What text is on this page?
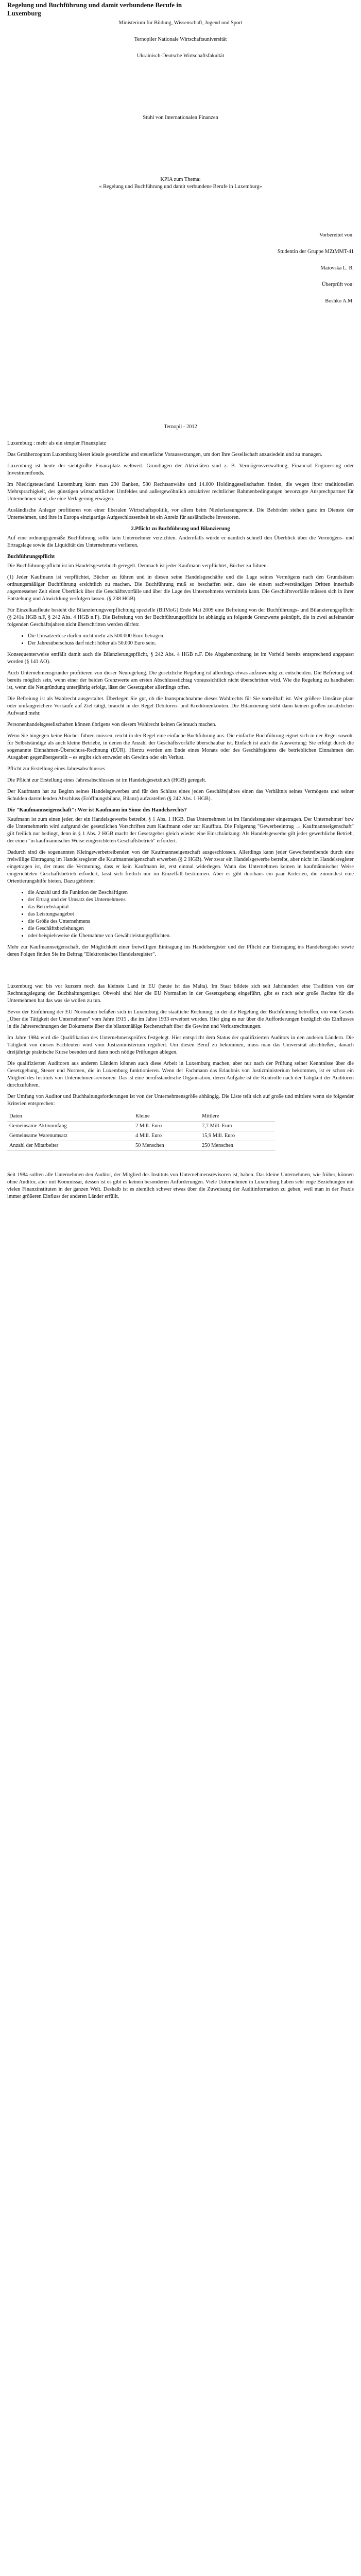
Regelung und Buchführung und damit verbundene Berufe in Luxemburg
Ministerium für Bildung, Wissenschaft, Jugend und Sport
Ternopiler Nationale Wirtschaftsuniversität
Ukrainisch-Deutsche Wirtschaftsfakultät
Stuhl von Internationalen Finanzen
KPIA zum Thema:
« Regelung und Buchführung und damit verbundene Berufe in Luxemburg»
Vorbereitet von:
Studentin der Gruppe MZtMMT-41
Maiovska L. R.
Überprüft von:
Boshko A.M.
Ternopil - 2012
Luxemburg : mehr als ein simpler Finanzplatz
Das Großherzogtum Luxemburg bietet ideale gesetzliche und steuerliche Voraussetzungen, um dort Ihre Gesellschaft anzusiedeln und zu managen.
Luxemburg ist heute der siebtgrößte Finanzplatz weltweit. Grundlagen der Aktivitäten sind z. B. Vermögensverwaltung, Financial Engineering oder Investmentfonds.
Im Niedrigsteuerland Luxemburg kann man 230 Banken, 580 Rechtsanwälte und 14.000 Holdinggesellschaften finden, die wegen ihrer traditionellen Mehrsprachigkeit, des günstigen wirtschaftlichen Umfeldes und außergewöhnlich attraktiver rechtlicher Rahmenbedingungen bevorzugte Ansprechpartner für Unternehmen sind, die eine Verlagerung erwägen.
Ausländische Anleger profitieren von einer liberalen Wirtschaftspolitik, vor allem beim Niederlassungsrecht. Die Behörden stehen ganz im Dienste der Unternehmen, und ihre in Europa einzigartige Aufgeschlossenheit ist ein Anreiz für ausländische Investoren.
2.Pflicht zu Buchführung und Bilanzierung
Auf eine ordnungsgemäße Buchführung sollte kein Unternehmer verzichten. Andernfalls würde er nämlich schnell den Überblick über die Vermögens- und Ertragslage sowie die Liquidität des Unternehmens verlieren.
Buchführungspflicht
Die Buchführungspflicht ist im Handelsgesetzbuch geregelt. Demnach ist jeder Kaufmann verpflichtet, Bücher zu führen.
(1) Jeder Kaufmann ist verpflichtet, Bücher zu führen und in diesen seine Handelsgeschäfte und die Lage seines Vermögens nach den Grundsätzen ordnungsmäßiger Buchführung ersichtlich zu machen. Die Buchführung muß so beschaffen sein, dass sie einem sachverständigen Dritten innerhalb angemessener Zeit einen Überblick über die Geschäftsvorfälle und über die Lage des Unternehmens vermitteln kann. Die Geschäftsvorfälle müssen sich in ihrer Entstehung und Abwicklung verfolgen lassen. (§ 238 HGB)
Für Einzelkaufleute besteht die Bilanzierungsverpflichtung spezielle (BilMoG) Ende Mai 2009 eine Befreiung von der Buchführungs- und Bilanzierungspflicht (§ 241a HGB n.F, § 242 Abs. 4 HGB n.F). Die Befreiung von der Buchführungspflicht ist abhängig an folgende Grenzwerte geknüpft, die in zwei aufeinander folgenden Geschäftsjahren nicht überschritten werden dürfen:
• Die Umsatzerlöse dürfen nicht mehr als 500.000 Euro betragen.
• Der Jahresüberschuss darf nicht höher als 50.000 Euro sein.
Konsequenterweise entfällt damit auch die Bilanzierungspflicht, § 242 Abs. 4 HGB n.F. Die Abgabenordnung ist im Vorfeld bereits entsprechend angepasst worden (§ 141 AO).
Auch Unternehmensgründer profitieren von dieser Neuregelung. Die gesetzliche Regelung ist allerdings etwas aufzuwendig zu entscheiden. Die Befreiung soll bereits möglich sein, wenn einer der beiden Grenzwerte am ersten Abschlussstichtag voraussichtlich nicht überschritten wird. Wie die Regelung zu handhaben ist, wenn die Neugründung unterjährig erfolgt, lässt der Gesetzgeber allerdings offen.
Die Befreiung ist als Wahlrecht ausgestaltet. Überlegen Sie gut, ob die Inanspruchnahme dieses Wahlrechts für Sie vorteilhaft ist. Wer größere Umsätze plant oder umfangreichere Verkäufe auf Ziel tätigt, braucht in der Regel Debitoren- und Kreditorenkonten. Die Bilanzierung steht dann keinen großen zusätzlichen Aufwand mehr.
Personenhandelsgesellschaften können übrigens von diesem Wahlrecht keinen Gebrauch machen.
Wenn Sie hingegen keine Bücher führen müssen, reicht in der Regel eine einfache Buchführung aus. Die einfache Buchführung eignet sich in der Regel sowohl für Selbstständige als auch kleine Betriebe, in denen die Anzahl der Geschäftsvorfälle überschaubar ist. Einfach ist auch die Auswertung: Sie erfolgt durch die sogenannte Einnahmen-Überschuss-Rechnung (EÜR). Hierzu werden am Ende eines Monats oder des Geschäftsjahres die betrieblichen Einnahmen den Ausgaben gegenübergestellt – es ergibt sich entweder ein Gewinn oder ein Verlust.
Pflicht zur Erstellung eines Jahresabschlusses
Die Pflicht zur Erstellung eines Jahresabschlusses ist im Handelsgesetzbuch (HGB) geregelt.
Der Kaufmann hat zu Beginn seines Handelsgewerbes und für den Schluss eines jeden Geschäftsjahres einen das Verhältnis seines Vermögens und seiner Schulden darstellenden Abschluss (Eröffnungsbilanz, Bilanz) aufzustellen (§ 242 Abs. 1 HGB).
Die "Kaufmannseigenschaft": Wer ist Kaufmann im Sinne des Handelsrechts?
Kaufmann ist zum einen jeder, der ein Handelsgewerbe betreibt, § 1 Abs. 1 HGB. Das Unternehmen ist im Handelsregister eingetragen. Der Unternehmer/ bzw die Unternehmerin wird aufgrund der gesetzlichen Vorschriften zum Kaufmann oder zur Kauffrau. Die Folgerung "Gewerbeeintrag → Kaufmannseigenschaft" gilt freilich nur bedingt, denn in § 1 Abs. 2 HGB macht der Gesetzgeber gleich wieder eine Einschränkung: Als Handelsgewerbe gilt jeder gewerbliche Betrieb, der einen "in kaufmännischer Weise eingerichteten Geschäftsbetrieb" erfordert.
Dadurch sind die sogenannten Kleingewerbetreibenden von der Kaufmannseigenschaft ausgeschlossen. Allerdings kann jeder Gewerbetreibende durch eine freiwillige Eintragung im Handelsregister die Kaufmannseigenschaft erwerben (§ 2 HGB). Wer zwar ein Handelsgewerbe betreibt, aber nicht im Handelsregister eingetragen ist, der muss die Vermutung, dass er kein Kaufmann ist, erst einmal widerlegen. Wann das Unternehmen keinen in kaufmännischer Weise eingerichteten Geschäftsbetrieb erfordert, lässt sich freilich nur im Einzelfall bestimmen. Aber es gibt durchaus ein paar Kriterien, die zumindest eine Orientierungshilfe bieten. Dazu gehören:
• die Anzahl und die Funktion der Beschäftigten
• der Ertrag und der Umsatz des Unternehmens
• das Betriebskapital
• das Leistungsangebot
• die Größe des Unternehmens
• die Geschäftsbeziehungen
• oder beispielsweise die Übernahme von Gewährleistungspflichten.
Mehr zur Kaufmannseigenschaft, der Möglichkeit einer freiwilligen Eintragung ins Handelsregister und der Pflicht zur Eintragung ins Handelsregister sowie deren Folgen finden Sie im Beitrag "Elektronisches Handelsregister".
Luxemburg war bis vor kurzem noch das kleinste Land in EU (heute ist das Malta). Im Staat bildete sich seit Jahrhundert eine Tradition von der Rechnungslegung der Buchhaltungsträger. Obwohl sind hier die EU Normalien in der Gesetzgebung eingeführt, gibt es noch sehr große Rechte für die Unternehmen hat das was sie wollen zu tun.
Bevor der Einführung der EU Normalien befaßen sich in Luxemburg die staatliche Rechnung, in der die Regelung der Buchführung betroffen, ein von Gesetz „Über die Tätigkeit der Unternehmen“ vom Jahre 1915 , die im Jahre 1933 erweitert wurden. Hier ging es nur über die Aufforderungen bezüglich des Einflusses in die Jahresrechnungen der Dokumente über die bilanzmäßige Rechenschaft über die Gewinn und Verlustrechnungen.
Im Jahre 1984 wird die Qualifikation des Unternehmensprüfers festgelegt. Hier entspricht dem Status der qualifizierten Auditors in den anderen Ländern. Die Tätigkeit von diesen Fachleuten wird vom Justizministerium reguliert. Um diesen Beruf zu bekommen, muss man das Universität abschließen, danach dreijährige praktische Kurse beenden und dann noch nötige Prüfungen ablegen.
Die qualifizierten Auditoren aus anderen Ländern können auch diese Arbeit in Luxemburg machen, aber nur nach der Prüfung seiner Kenntnisse über die Gesetzgebung, Steuer und Normen, die in Luxemburg funktionieren. Wenn der Fachmann das Erlaubnis von Justizministerium bekommen, ist er schon ein Mitglied des Instituts von Unternehmensrevisoren. Das ist eine berufsständische Organisation, deren Aufgabe ist die Kontrolle nach der Tätigkeit der Auditoren durchzuführen.
Der Umfang von Auditor und Buchhaltungsforderungen ist von der Unternehmensgröße abhängig. Die Liste teilt sich auf große und mittlere wenn sie folgender Kriterien entsprechen:
Daten	Kleine	Mittlere
Gemeinsame Aktivumfang	2 Mill. Euro	7,7 Mill. Euro
Gemeinsame Warenumsatz	4 Mill. Euro	15,9 Mill. Euro
Anzahl der Mitarbeiter	50 Menschen	250 Menschen
Seit 1984 sollten alle Unternehmen den Auditor, der Mitglied des Instituts von Unternehmensrevisoren ist, haben. Das kleine Unternehmen, wie früher, können ohne Auditor, aber mit Kommissar, dessen ist es gibt es keinen besonderen Anforderungen. Viele Unternehmen in Luxemburg haben sehr enge Beziehungen mit vielen Finanzinstituten in der ganzen Welt. Deshalb ist es ziemlich schwer etwas über die Zuweisung der Auditinformation zu geben, weil man in der Praxis immer größeren Einfluss der anderen Länder erfüllt.
